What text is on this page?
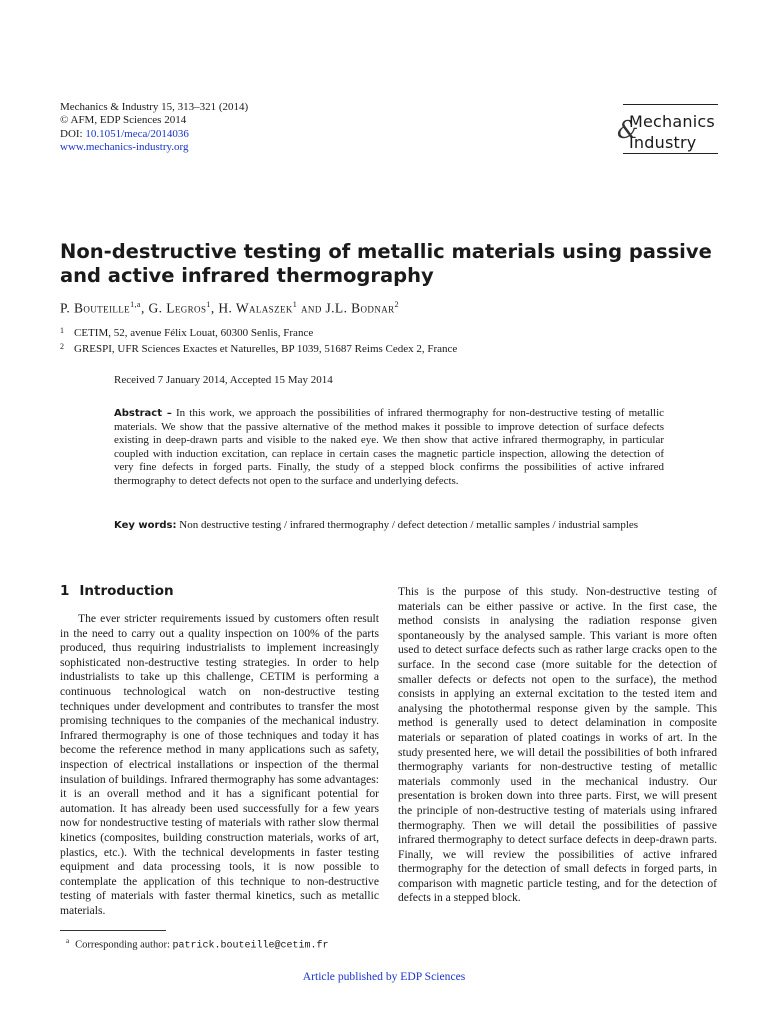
Mechanics & Industry 15, 313–321 (2014)
© AFM, EDP Sciences 2014
DOI: 10.1051/meca/2014036
www.mechanics-industry.org
&
Mechanics
Industry
Non-destructive testing of metallic materials using passive and active infrared thermography
P. Bouteille$^{1,a}$, G. Legros$^1$, H. Walaszek$^1$ and J.L. Bodnar$^2$
1 CETIM, 52, avenue Félix Louat, 60300 Senlis, France
2 GRESPI, UFR Sciences Exactes et Naturelles, BP 1039, 51687 Reims Cedex 2, France
Received 7 January 2014, Accepted 15 May 2014
Abstract – In this work, we approach the possibilities of infrared thermography for non-destructive testing of metallic materials. We show that the passive alternative of the method makes it possible to improve detection of surface defects existing in deep-drawn parts and visible to the naked eye. We then show that active infrared thermography, in particular coupled with induction excitation, can replace in certain cases the magnetic particle inspection, allowing the detection of very fine defects in forged parts. Finally, the study of a stepped block confirms the possibilities of active infrared thermography to detect defects not open to the surface and underlying defects.
Key words: Non destructive testing / infrared thermography / defect detection / metallic samples / industrial samples
1 Introduction
The ever stricter requirements issued by customers often result in the need to carry out a quality inspection on 100% of the parts produced, thus requiring industrialists to implement increasingly sophisticated non-destructive testing strategies. In order to help industrialists to take up this challenge, CETIM is performing a continuous technological watch on non-destructive testing techniques under development and contributes to transfer the most promising techniques to the companies of the mechanical industry. Infrared thermography is one of those techniques and today it has become the reference method in many applications such as safety, inspection of electrical installations or inspection of the thermal insulation of buildings. Infrared thermography has some advantages: it is an overall method and it has a significant potential for automation. It has already been used successfully for a few years now for nondestructive testing of materials with rather slow thermal kinetics (composites, building construction materials, works of art, plastics, etc.). With the technical developments in faster testing equipment and data processing tools, it is now possible to contemplate the application of this technique to non-destructive testing of materials with faster thermal kinetics, such as metallic materials.
This is the purpose of this study. Non-destructive testing of materials can be either passive or active. In the first case, the method consists in analysing the radiation response given spontaneously by the analysed sample. This variant is more often used to detect surface defects such as rather large cracks open to the surface. In the second case (more suitable for the detection of smaller defects or defects not open to the surface), the method consists in applying an external excitation to the tested item and analysing the photothermal response given by the sample. This method is generally used to detect delamination in composite materials or separation of plated coatings in works of art. In the study presented here, we will detail the possibilities of both infrared thermography variants for non-destructive testing of metallic materials commonly used in the mechanical industry. Our presentation is broken down into three parts. First, we will present the principle of non-destructive testing of materials using infrared thermography. Then we will detail the possibilities of passive infrared thermography to detect surface defects in deep-drawn parts. Finally, we will review the possibilities of active infrared thermography for the detection of small defects in forged parts, in comparison with magnetic particle testing, and for the detection of defects in a stepped block.
$^a$ Corresponding author: patrick.bouteille@cetim.fr
Article published by EDP Sciences
